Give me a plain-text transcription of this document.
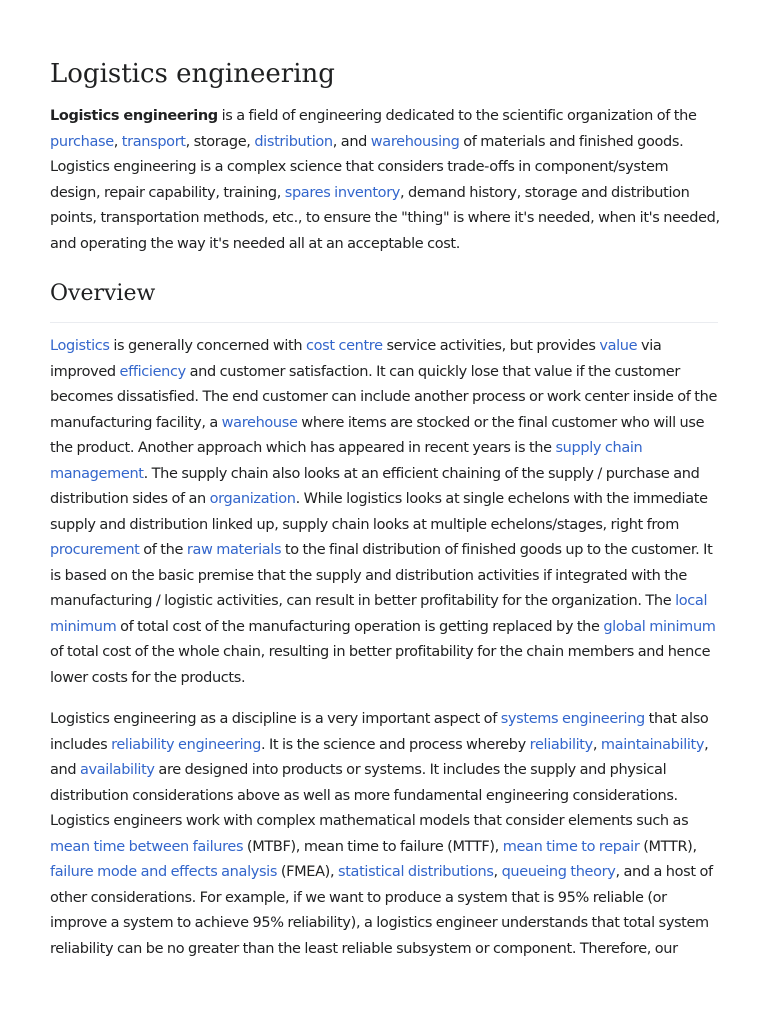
Logistics engineering

Logistics engineering is a field of engineering dedicated to the scientific organization of the purchase, transport, storage, distribution, and warehousing of materials and finished goods. Logistics engineering is a complex science that considers trade-offs in component/system design, repair capability, training, spares inventory, demand history, storage and distribution points, transportation methods, etc., to ensure the "thing" is where it's needed, when it's needed, and operating the way it's needed all at an acceptable cost.

Overview

Logistics is generally concerned with cost centre service activities, but provides value via improved efficiency and customer satisfaction. It can quickly lose that value if the customer becomes dissatisfied. The end customer can include another process or work center inside of the manufacturing facility, a warehouse where items are stocked or the final customer who will use the product. Another approach which has appeared in recent years is the supply chain management. The supply chain also looks at an efficient chaining of the supply / purchase and distribution sides of an organization. While logistics looks at single echelons with the immediate supply and distribution linked up, supply chain looks at multiple echelons/stages, right from procurement of the raw materials to the final distribution of finished goods up to the customer. It is based on the basic premise that the supply and distribution activities if integrated with the manufacturing / logistic activities, can result in better profitability for the organization. The local minimum of total cost of the manufacturing operation is getting replaced by the global minimum of total cost of the whole chain, resulting in better profitability for the chain members and hence lower costs for the products.

Logistics engineering as a discipline is a very important aspect of systems engineering that also includes reliability engineering. It is the science and process whereby reliability, maintainability, and availability are designed into products or systems. It includes the supply and physical distribution considerations above as well as more fundamental engineering considerations. Logistics engineers work with complex mathematical models that consider elements such as mean time between failures (MTBF), mean time to failure (MTTF), mean time to repair (MTTR), failure mode and effects analysis (FMEA), statistical distributions, queueing theory, and a host of other considerations. For example, if we want to produce a system that is 95% reliable (or improve a system to achieve 95% reliability), a logistics engineer understands that total system reliability can be no greater than the least reliable subsystem or component. Therefore, our
